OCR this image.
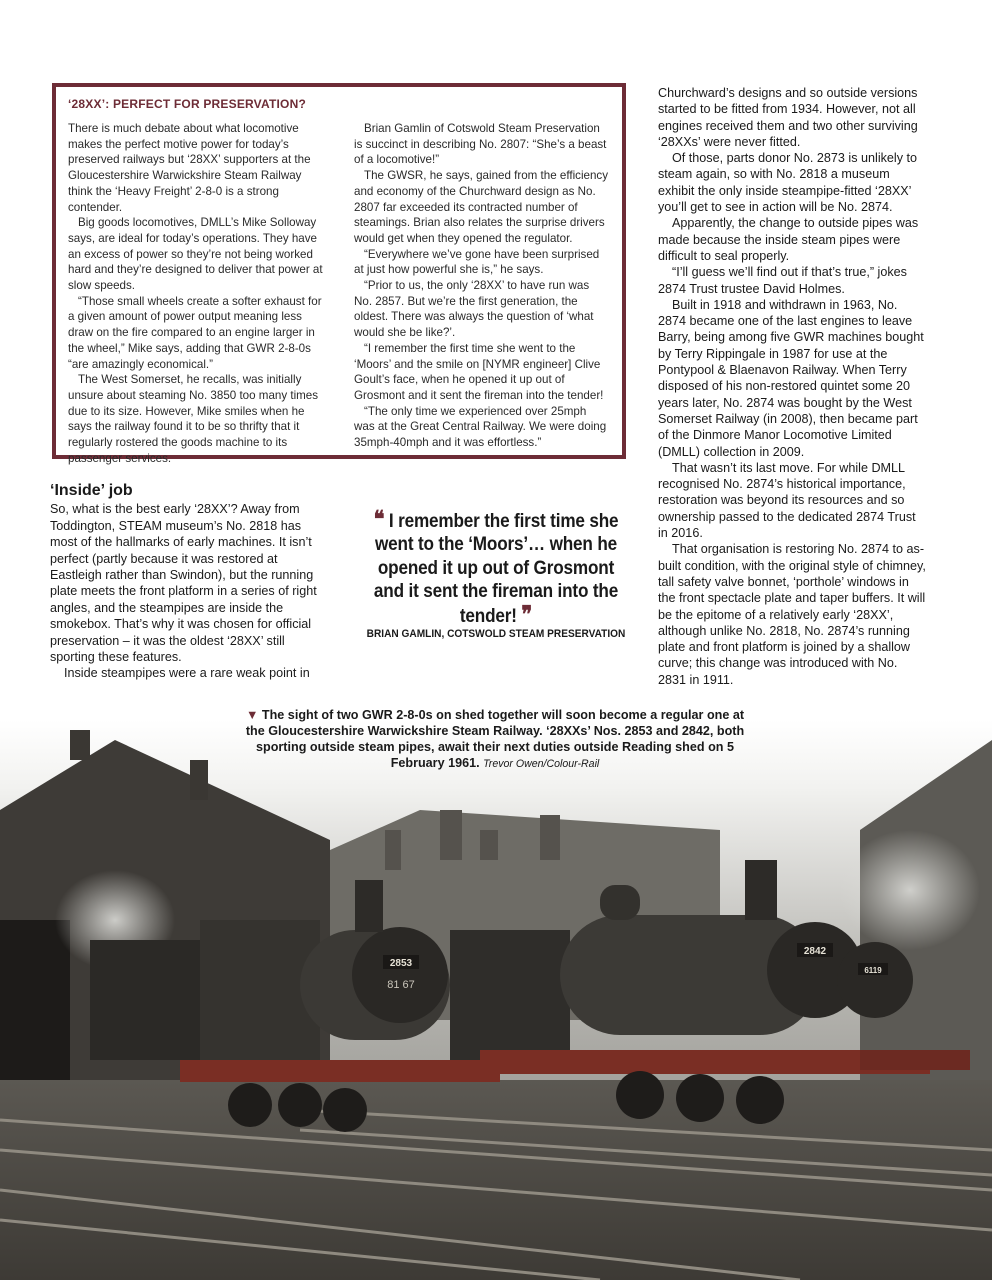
‘28XX’: PERFECT FOR PRESERVATION?

There is much debate about what locomotive makes the perfect motive power for today’s preserved railways but ‘28XX’ supporters at the Gloucestershire Warwickshire Steam Railway think the ‘Heavy Freight’ 2-8-0 is a strong contender.

Big goods locomotives, DMLL’s Mike Solloway says, are ideal for today’s operations. They have an excess of power so they’re not being worked hard and they’re designed to deliver that power at slow speeds.

“Those small wheels create a softer exhaust for a given amount of power output meaning less draw on the fire compared to an engine larger in the wheel,” Mike says, adding that GWR 2-8-0s “are amazingly economical.”

The West Somerset, he recalls, was initially unsure about steaming No. 3850 too many times due to its size. However, Mike smiles when he says the railway found it to be so thrifty that it regularly rostered the goods machine to its passenger services.

Brian Gamlin of Cotswold Steam Preservation is succinct in describing No. 2807: “She’s a beast of a locomotive!”

The GWSR, he says, gained from the efficiency and economy of the Churchward design as No. 2807 far exceeded its contracted number of steamings. Brian also relates the surprise drivers would get when they opened the regulator.

“Everywhere we’ve gone have been surprised at just how powerful she is,” he says.

“Prior to us, the only ‘28XX’ to have run was No. 2857. But we’re the first generation, the oldest. There was always the question of ‘what would she be like?’.

“I remember the first time she went to the ‘Moors’ and the smile on [NYMR engineer] Clive Goult’s face, when he opened it up out of Grosmont and it sent the fireman into the tender!

“The only time we experienced over 25mph was at the Great Central Railway. We were doing 35mph-40mph and it was effortless.”

Churchward’s designs and so outside versions started to be fitted from 1934. However, not all engines received them and two other surviving ‘28XXs’ were never fitted.

Of those, parts donor No. 2873 is unlikely to steam again, so with No. 2818 a museum exhibit the only inside steampipe-fitted ‘28XX’ you’ll get to see in action will be No. 2874.

Apparently, the change to outside pipes was made because the inside steam pipes were difficult to seal properly.

“I’ll guess we’ll find out if that’s true,” jokes 2874 Trust trustee David Holmes.

Built in 1918 and withdrawn in 1963, No. 2874 became one of the last engines to leave Barry, being among five GWR machines bought by Terry Rippingale in 1987 for use at the Pontypool & Blaenavon Railway. When Terry disposed of his non-restored quintet some 20 years later, No. 2874 was bought by the West Somerset Railway (in 2008), then became part of the Dinmore Manor Locomotive Limited (DMLL) collection in 2009.

That wasn’t its last move. For while DMLL recognised No. 2874’s historical importance, restoration was beyond its resources and so ownership passed to the dedicated 2874 Trust in 2016.

That organisation is restoring No. 2874 to as-built condition, with the original style of chimney, tall safety valve bonnet, ‘porthole’ windows in the front spectacle plate and taper buffers. It will be the epitome of a relatively early ‘28XX’, although unlike No. 2818, No. 2874’s running plate and front platform is joined by a shallow curve; this change was introduced with No. 2831 in 1911.

‘Inside’ job

So, what is the best early ‘28XX’? Away from Toddington, STEAM museum’s No. 2818 has most of the hallmarks of early machines. It isn’t perfect (partly because it was restored at Eastleigh rather than Swindon), but the running plate meets the front platform in a series of right angles, and the steampipes are inside the smokebox. That’s why it was chosen for official preservation – it was the oldest ‘28XX’ still sporting these features.

Inside steampipes were a rare weak point in

❝ I remember the first time she went to the ‘Moors’… when he opened it up out of Grosmont and it sent the fireman into the tender! ❞
BRIAN GAMLIN, COTSWOLD STEAM PRESERVATION
2853
81 67
2842
6119
▼ The sight of two GWR 2-8-0s on shed together will soon become a regular one at the Gloucestershire Warwickshire Steam Railway. ‘28XXs’ Nos. 2853 and 2842, both sporting outside steam pipes, await their next duties outside Reading shed on 5 February 1961. Trevor Owen/Colour-Rail
